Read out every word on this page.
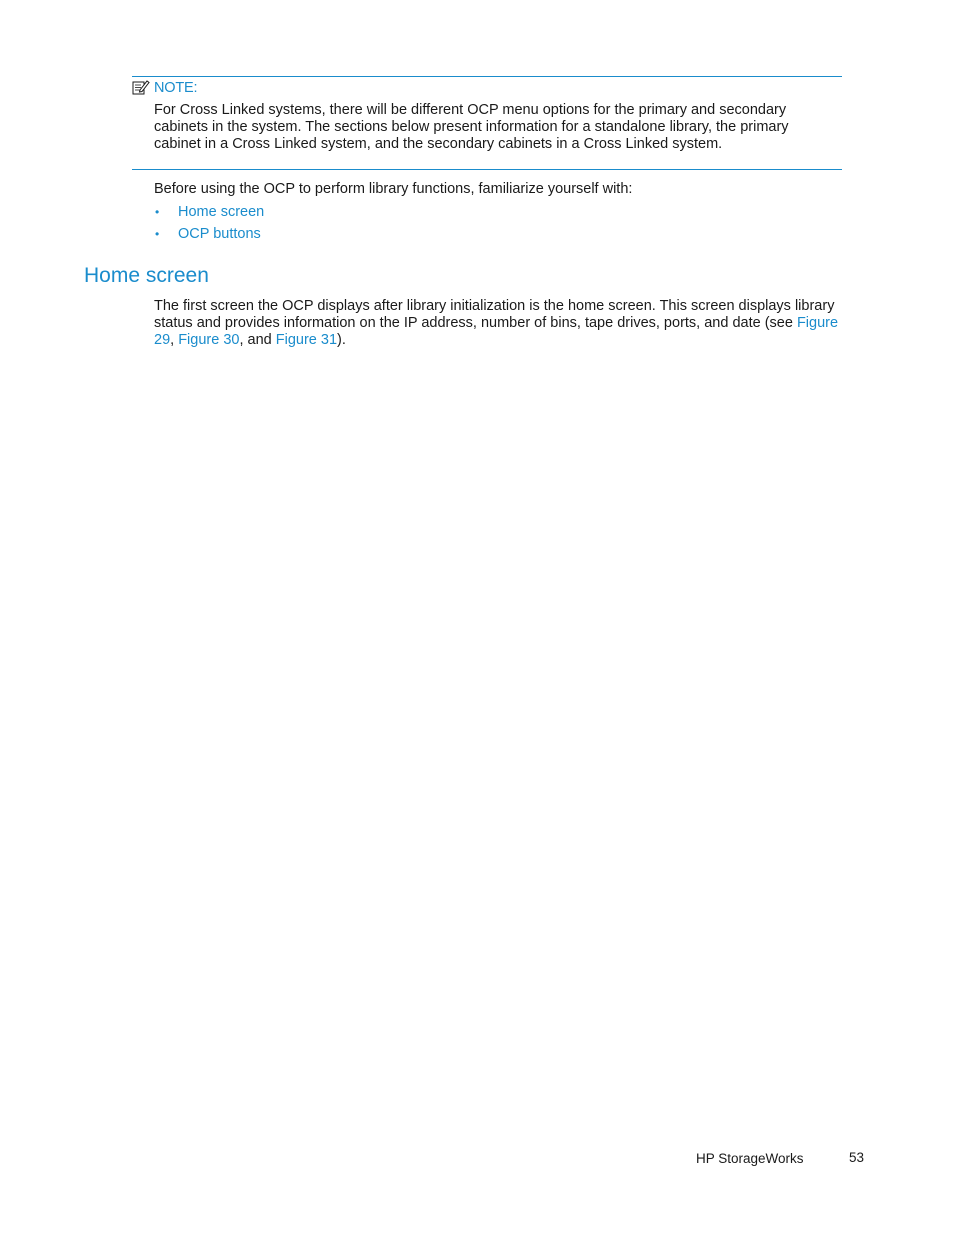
NOTE:
For Cross Linked systems, there will be different OCP menu options for the primary and secondary cabinets in the system. The sections below present information for a standalone library, the primary cabinet in a Cross Linked system, and the secondary cabinets in a Cross Linked system.
Before using the OCP to perform library functions, familiarize yourself with:
• Home screen
• OCP buttons
Home screen
The first screen the OCP displays after library initialization is the home screen. This screen displays library status and provides information on the IP address, number of bins, tape drives, ports, and date (see Figure 29, Figure 30, and Figure 31).
HP StorageWorks	53
